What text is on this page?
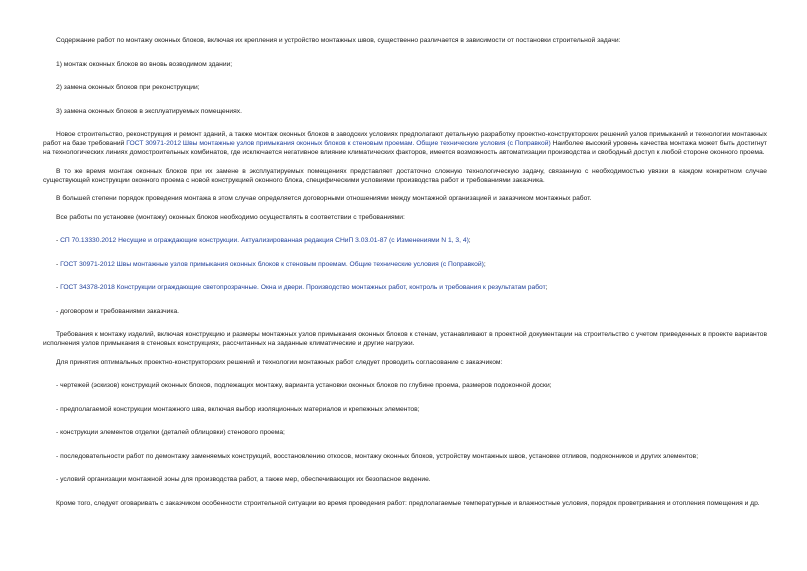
Содержание работ по монтажу оконных блоков, включая их крепления и устройство монтажных швов, существенно различается в зависимости от постановки строительной задачи:

1) монтаж оконных блоков во вновь возводимом здании;

2) замена оконных блоков при реконструкции;

3) замена оконных блоков в эксплуатируемых помещениях.

Новое строительство, реконструкция и ремонт зданий, а также монтаж оконных блоков в заводских условиях предполагают детальную разработку проектно-конструкторских решений узлов примыканий и технологии монтажных работ на базе требований ГОСТ 30971-2012 Швы монтажные узлов примыкания оконных блоков к стеновым проемам. Общие технические условия (с Поправкой) Наиболее высокий уровень качества монтажа может быть достигнут на технологических линиях домостроительных комбинатов, где исключается негативное влияние климатических факторов, имеется возможность автоматизации производства и свободный доступ к любой стороне оконного проема.

В то же время монтаж оконных блоков при их замене в эксплуатируемых помещениях представляет достаточно сложную технологическую задачу, связанную с необходимостью увязки в каждом конкретном случае существующей конструкции оконного проема с новой конструкцией оконного блока, специфическими условиями производства работ и требованиями заказчика.

В большей степени порядок проведения монтажа в этом случае определяется договорными отношениями между монтажной организацией и заказчиком монтажных работ.

Все работы по установке (монтажу) оконных блоков необходимо осуществлять в соответствии с требованиями:

- СП 70.13330.2012 Несущие и ограждающие конструкции. Актуализированная редакция СНиП 3.03.01-87 (с Изменениями N 1, 3, 4);

- ГОСТ 30971-2012 Швы монтажные узлов примыкания оконных блоков к стеновым проемам. Общие технические условия (с Поправкой);

- ГОСТ 34378-2018 Конструкции ограждающие светопрозрачные. Окна и двери. Производство монтажных работ, контроль и требования к результатам работ;

- договором и требованиями заказчика.

Требования к монтажу изделий, включая конструкцию и размеры монтажных узлов примыкания оконных блоков к стенам, устанавливают в проектной документации на строительство с учетом приведенных в проекте вариантов исполнения узлов примыкания в стеновых конструкциях, рассчитанных на заданные климатические и другие нагрузки.

Для принятия оптимальных проектно-конструкторских решений и технологии монтажных работ следует проводить согласование с заказчиком:

- чертежей (эскизов) конструкций оконных блоков, подлежащих монтажу, варианта установки оконных блоков по глубине проема, размеров подоконной доски;

- предполагаемой конструкции монтажного шва, включая выбор изоляционных материалов и крепежных элементов;

- конструкции элементов отделки (деталей облицовки) стенового проема;

- последовательности работ по демонтажу заменяемых конструкций, восстановлению откосов, монтажу оконных блоков, устройству монтажных швов, установке отливов, подоконников и других элементов;

- условий организации монтажной зоны для производства работ, а также мер, обеспечивающих их безопасное ведение.

Кроме того, следует оговаривать с заказчиком особенности строительной ситуации во время проведения работ: предполагаемые температурные и влажностные условия, порядок проветривания и отопления помещения и др.
